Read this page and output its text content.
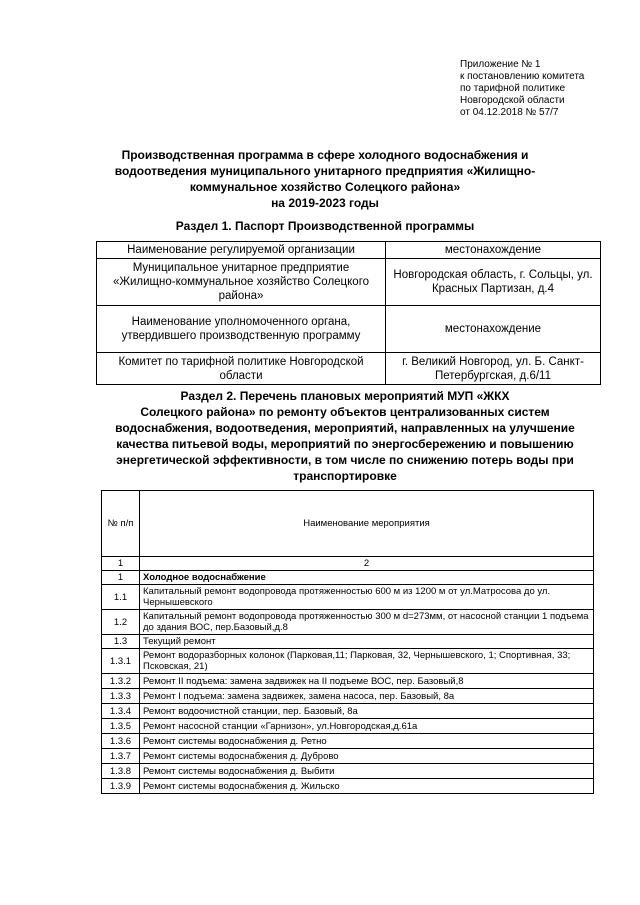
Приложение № 1
к постановлению комитета
по тарифной политике
Новгородской области
от 04.12.2018 № 57/7
Производственная программа в сфере холодного водоснабжения и
водоотведения муниципального унитарного предприятия «Жилищно-
коммунальное хозяйство Солецкого района»
на 2019-2023 годы
Раздел 1. Паспорт Производственной программы
Наименование регулируемой организации	местонахождение
Муниципальное унитарное предприятие «Жилищно-коммунальное хозяйство Солецкого района»	Новгородская область, г. Сольцы, ул. Красных Партизан, д.4
Наименование уполномоченного органа, утвердившего производственную программу	местонахождение
Комитет по тарифной политике Новгородской области	г. Великий Новгород, ул. Б. Санкт-Петербургская, д.6/11
Раздел 2. Перечень плановых мероприятий МУП «ЖКХ
Солецкого района» по ремонту объектов централизованных систем
водоснабжения, водоотведения, мероприятий, направленных на улучшение
качества питьевой воды, мероприятий по энергосбережению и повышению
энергетической эффективности, в том числе по снижению потерь воды при
транспортировке
№ п/п	Наименование мероприятия
1	2
1	Холодное водоснабжение
1.1	Капитальный ремонт водопровода протяженностью 600 м из 1200 м от ул.Матросова до ул. Чернышевского
1.2	Капитальный ремонт водопровода протяженностью 300 м d=273мм, от насосной станции 1 подъема до здания ВОС, пер.Базовый,д.8
1.3	Текущий ремонт
1.3.1	Ремонт водоразборных колонок (Парковая,11; Парковая, 32, Чернышевского, 1; Спортивная, 33; Псковская, 21)
1.3.2	Ремонт II подъема: замена задвижек на II подъеме ВОС, пер. Базовый,8
1.3.3	Ремонт I подъема: замена задвижек, замена насоса, пер. Базовый, 8а
1.3.4	Ремонт водоочистной станции, пер. Базовый, 8а
1.3.5	Ремонт насосной станции «Гарнизон», ул.Новгородская,д.61а
1.3.6	Ремонт системы водоснабжения д. Ретно
1.3.7	Ремонт системы водоснабжения д. Дуброво
1.3.8	Ремонт системы водоснабжения д. Выбити
1.3.9	Ремонт системы водоснабжения д. Жильско
